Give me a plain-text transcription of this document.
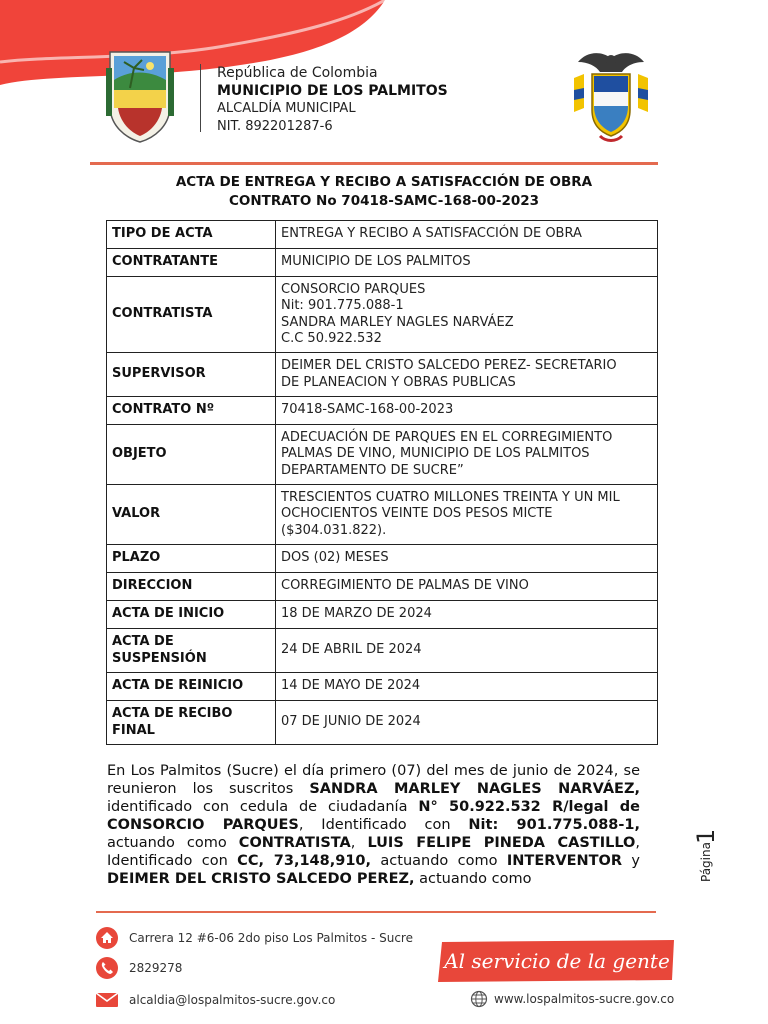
República de Colombia
MUNICIPIO DE LOS PALMITOS
ALCALDÍA MUNICIPAL
NIT. 892201287-6
ACTA DE ENTREGA Y RECIBO A SATISFACCIÓN DE OBRA
CONTRATO No 70418-SAMC-168-00-2023
TIPO DE ACTA	ENTREGA Y RECIBO A SATISFACCIÓN DE OBRA

CONTRATANTE	MUNICIPIO DE LOS PALMITOS

CONTRATISTA	CONSORCIO PARQUES
Nit: 901.775.088-1
SANDRA MARLEY NAGLES NARVÁEZ
C.C 50.922.532

SUPERVISOR	DEIMER DEL CRISTO SALCEDO PEREZ- SECRETARIO
DE PLANEACION Y OBRAS PUBLICAS

CONTRATO Nº	70418-SAMC-168-00-2023

OBJETO	ADECUACIÓN DE PARQUES EN EL CORREGIMIENTO
PALMAS DE VINO, MUNICIPIO DE LOS PALMITOS
DEPARTAMENTO DE SUCRE”

VALOR	TRESCIENTOS CUATRO MILLONES TREINTA Y UN MIL
OCHOCIENTOS VEINTE DOS PESOS MICTE
($304.031.822).

PLAZO	DOS (02) MESES

DIRECCION	CORREGIMIENTO DE PALMAS DE VINO

ACTA DE INICIO	18 DE MARZO DE 2024

ACTA DE
SUSPENSIÓN	24 DE ABRIL DE 2024

ACTA DE REINICIO	14 DE MAYO DE 2024

ACTA DE RECIBO
FINAL	07 DE JUNIO DE 2024
En Los Palmitos (Sucre) el día primero (07) del mes de junio de 2024, se reunieron los suscritos SANDRA MARLEY NAGLES NARVÁEZ, identificado con cedula de ciudadanía N° 50.922.532 R/legal de CONSORCIO PARQUES, Identificado con Nit: 901.775.088-1, actuando como CONTRATISTA, LUIS FELIPE PINEDA CASTILLO, Identificado con CC, 73,148,910, actuando como INTERVENTOR y DEIMER DEL CRISTO SALCEDO PEREZ, actuando como	Página
1
Carrera 12 #6-06 2do piso Los Palmitos - Sucre
2829278
alcaldia@lospalmitos-sucre.gov.co
Al servicio de la gente
www.lospalmitos-sucre.gov.co
